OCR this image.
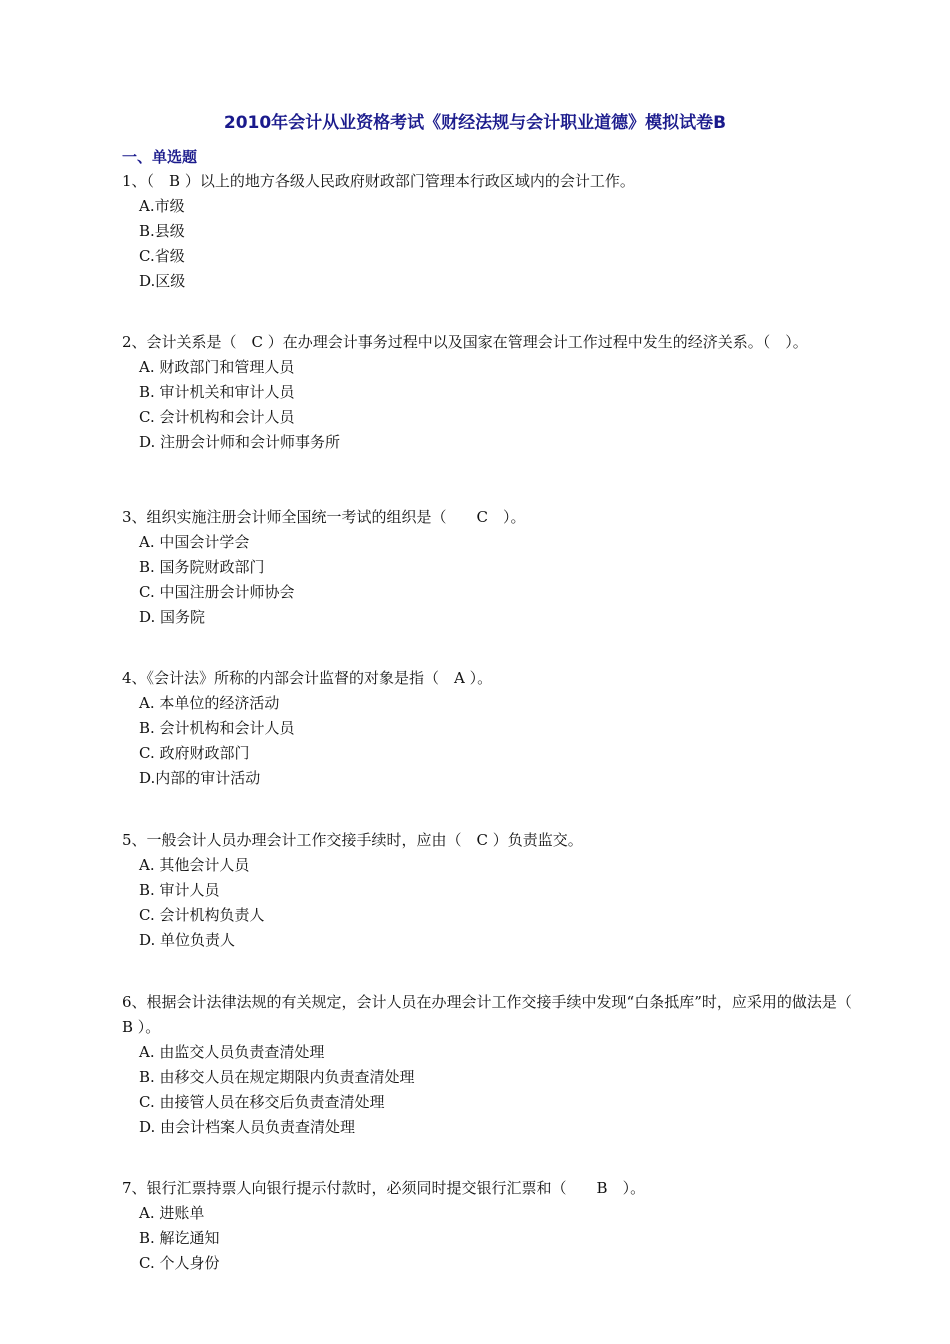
2010年会计从业资格考试《财经法规与会计职业道德》模拟试卷B
一、单选题
1、（　B ）以上的地方各级人民政府财政部门管理本行政区域内的会计工作。
A.市级
B.县级
C.省级
D.区级
2、会计关系是（　C ）在办理会计事务过程中以及国家在管理会计工作过程中发生的经济关系。（　）。
A. 财政部门和管理人员
B. 审计机关和审计人员
C. 会计机构和会计人员
D. 注册会计师和会计师事务所
3、组织实施注册会计师全国统一考试的组织是（　　C　）。
A. 中国会计学会
B. 国务院财政部门
C. 中国注册会计师协会
D. 国务院
4、《会计法》所称的内部会计监督的对象是指（　A ）。
A. 本单位的经济活动
B. 会计机构和会计人员
C. 政府财政部门
D.内部的审计活动
5、一般会计人员办理会计工作交接手续时，应由（　C ）负责监交。
A. 其他会计人员
B. 审计人员
C. 会计机构负责人
D. 单位负责人
6、根据会计法律法规的有关规定，会计人员在办理会计工作交接手续中发现“白条抵库”时，应采用的做法是（　 B ）。
A. 由监交人员负责查清处理
B. 由移交人员在规定期限内负责查清处理
C. 由接管人员在移交后负责查清处理
D. 由会计档案人员负责查清处理
7、银行汇票持票人向银行提示付款时，必须同时提交银行汇票和（　　B　）。
A. 进账单
B. 解讫通知
C. 个人身份
